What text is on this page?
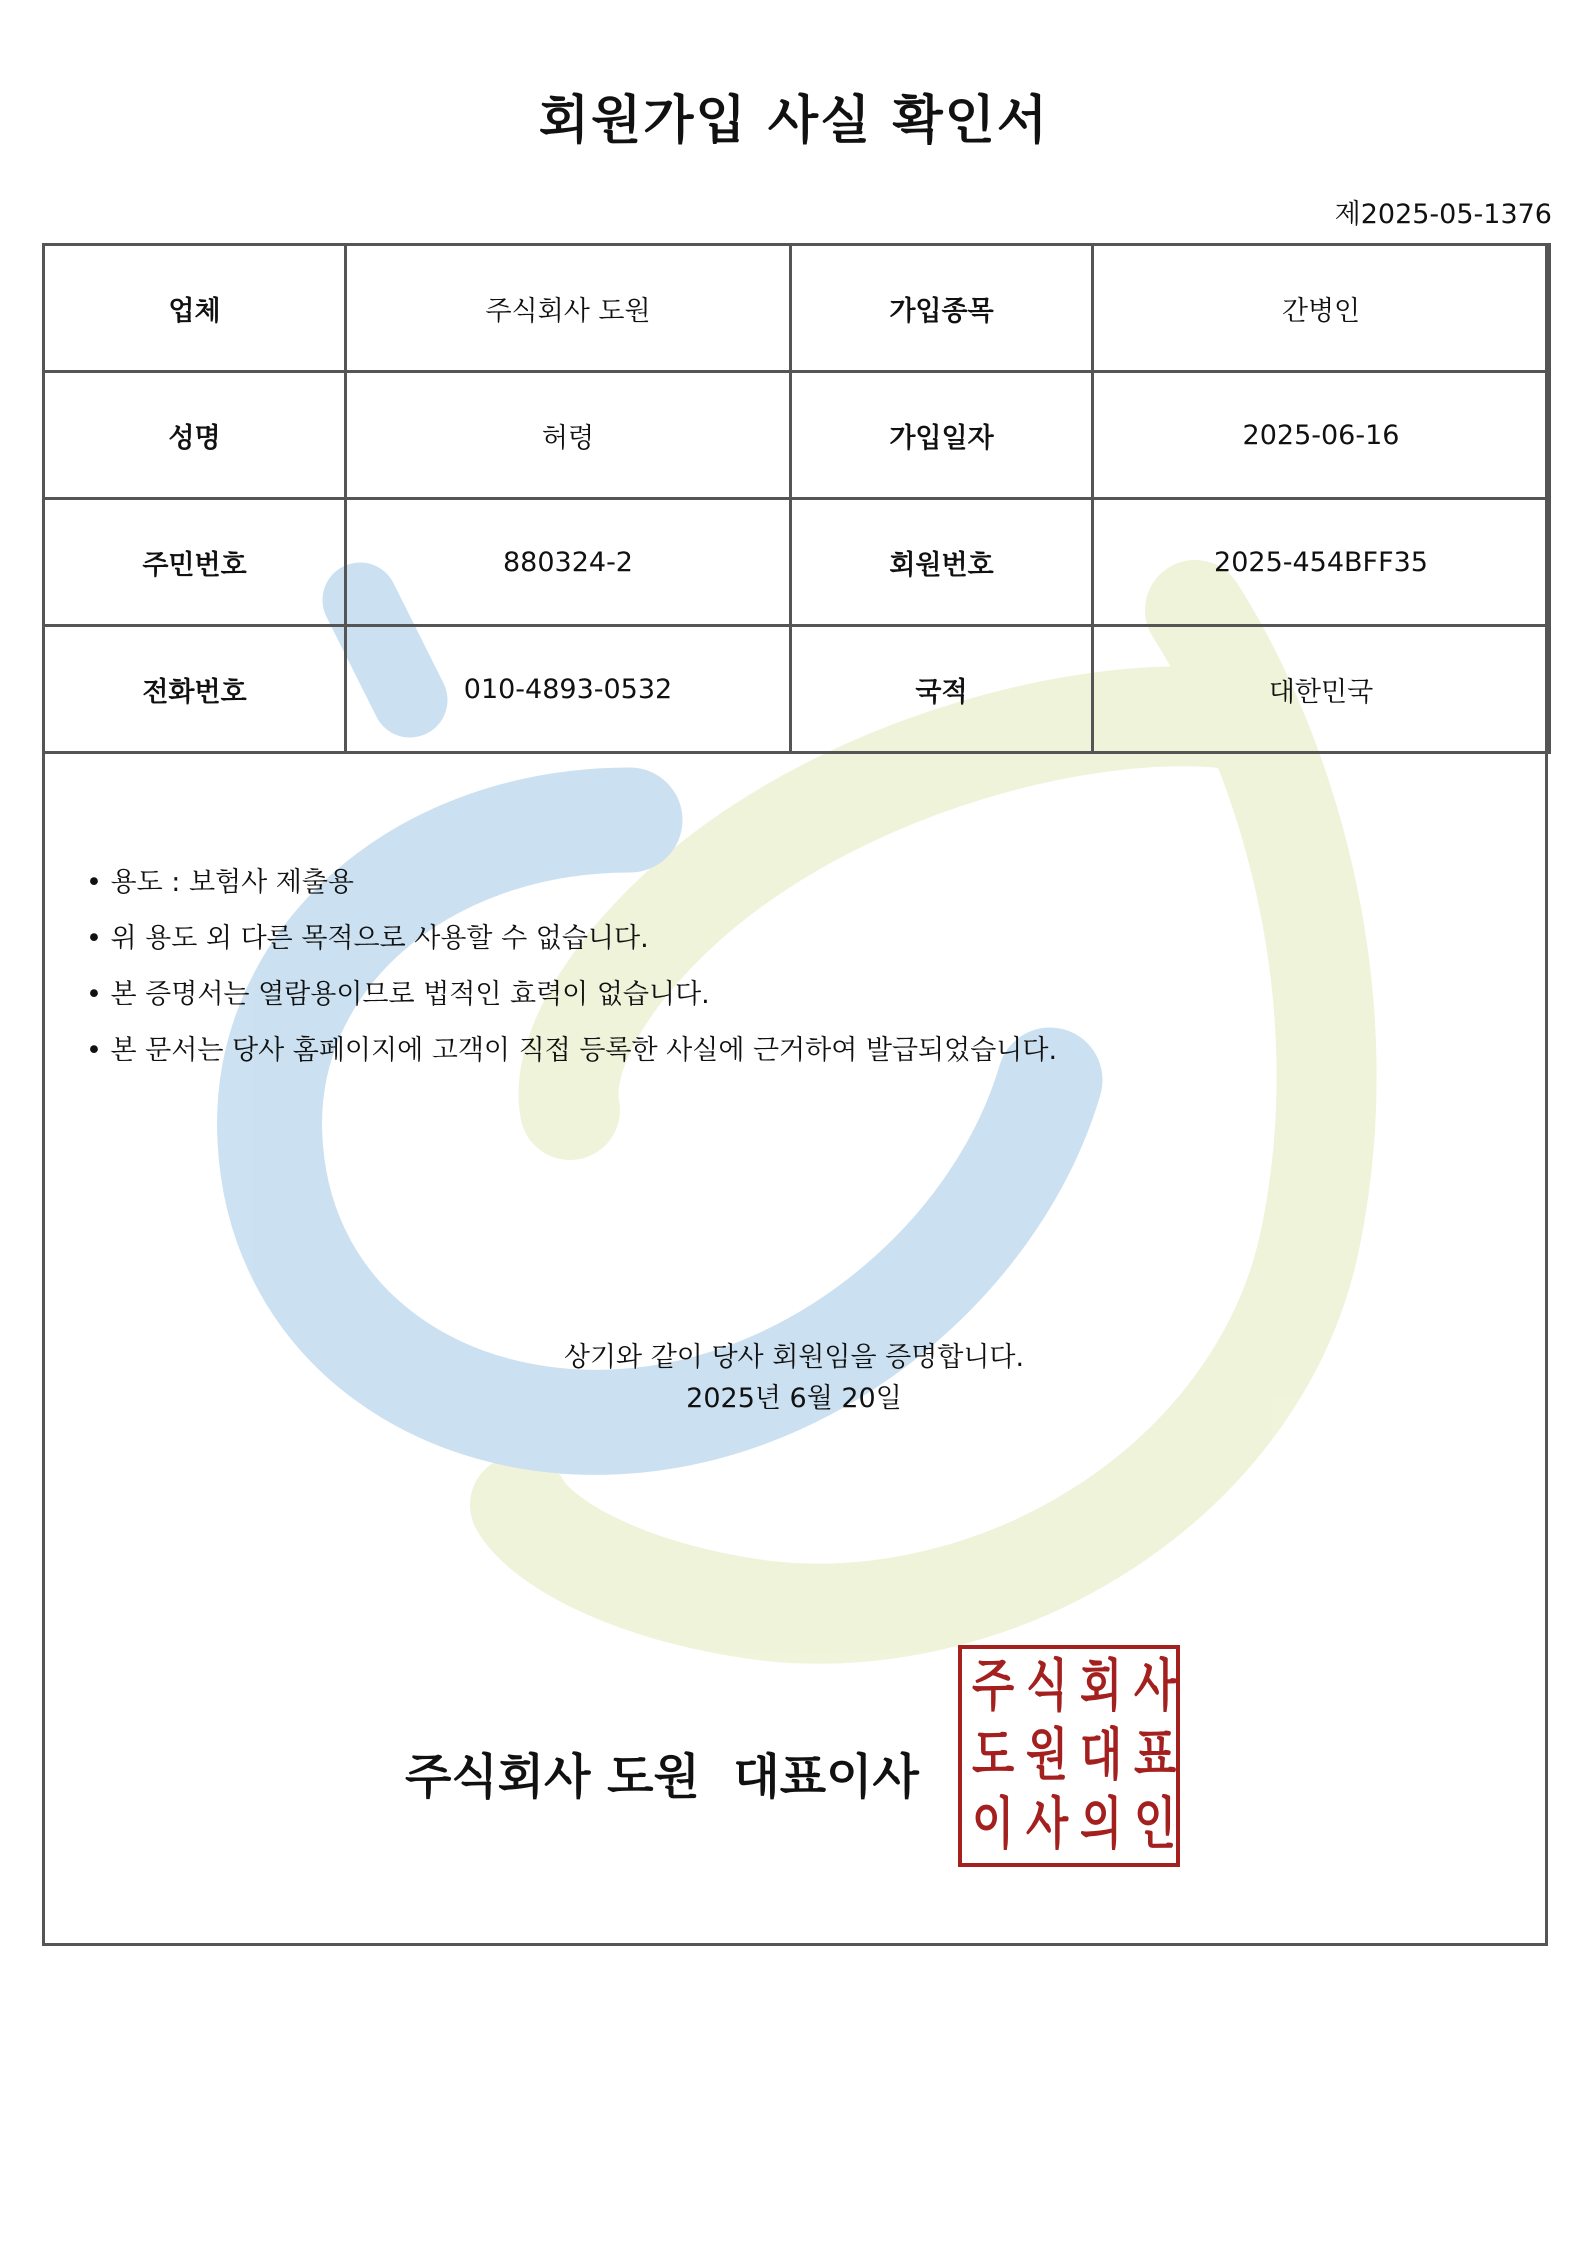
회원가입 사실 확인서
제2025-05-1376
업체	주식회사 도원	가입종목	간병인
성명	허령	가입일자	2025-06-16
주민번호	880324-2	회원번호	2025-454BFF35
전화번호	010-4893-0532	국적	대한민국
• 용도 : 보험사 제출용
• 위 용도 외 다른 목적으로 사용할 수 없습니다.
• 본 증명서는 열람용이므로 법적인 효력이 없습니다.
• 본 문서는 당사 홈페이지에 고객이 직접 등록한 사실에 근거하여 발급되었습니다.
상기와 같이 당사 회원임을 증명합니다.
2025년 6월 20일
주식회사 도원  대표이사
주 식 회 사
도 원 대 표
이 사 의 인
